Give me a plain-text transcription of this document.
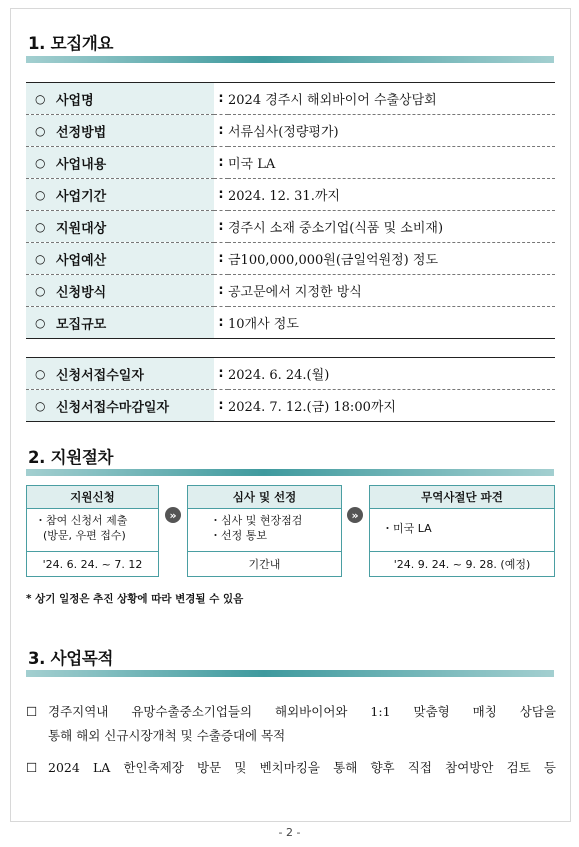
1. 모집개요
○ 사업명	:	2024 경주시 해외바이어 수출상담회

○ 선정방법	:	서류심사(정량평가)

○ 사업내용	:	미국 LA

○ 사업기간	:	2024. 12. 31.까지

○ 지원대상	:	경주시 소재 중소기업(식품 및 소비재)

○ 사업예산	:	금100,000,000원(금일억원정) 정도

○ 신청방식	:	공고문에서 지정한 방식

○ 모집규모	:	10개사 정도
○ 신청서접수일자	:	2024. 6. 24.(월)

○ 신청서접수마감일자	:	2024. 7. 12.(금) 18:00까지
2. 지원절차
지원신청
・참여 신청서 제출
(방문, 우편 접수)
'24. 6. 24. ~ 7. 12
»
심사 및 선정
・심사 및 현장점검
・선정 통보
기간내
»
무역사절단 파견
・미국 LA
'24. 9. 24. ~ 9. 28. (예정)
* 상기 일정은 추진 상황에 따라 변경될 수 있음
3. 사업목적
☐ 경주지역내 유망수출중소기업들의 해외바이어와 1:1 맞춤형 매칭 상담을
통해 해외 신규시장개척 및 수출증대에 목적
☐ 2024 LA 한인축제장 방문 및 벤치마킹을 통해 향후 직접 참여방안 검토 등
- 2 -
